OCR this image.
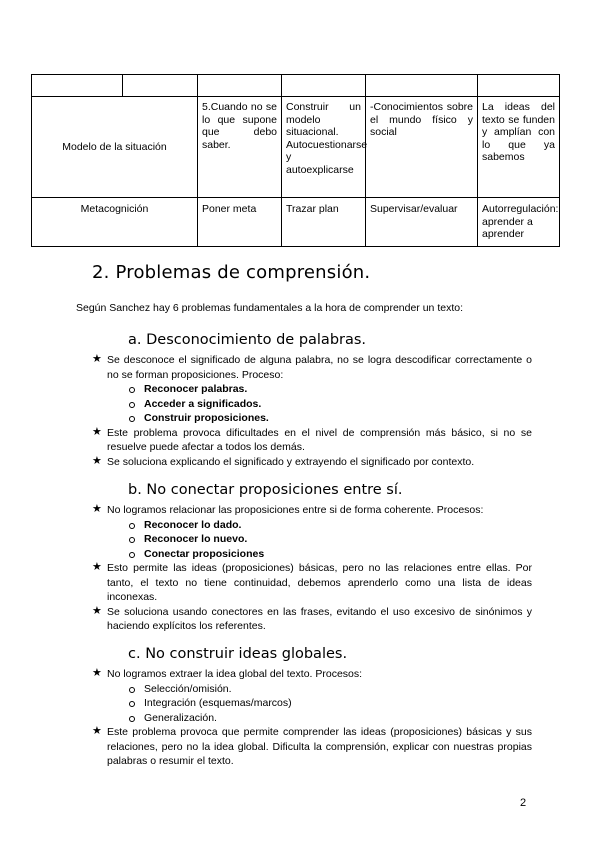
Modelo de la situación		5.Cuando no se lo que supone que debo saber.	Construir un modelo situacional. Autocuestionarse y autoexplicarse	-Conocimientos sobre el mundo físico y social	La ideas del texto se funden y amplían con lo que ya sabemos
Metacognición		Poner meta	Trazar plan	Supervisar/evaluar	Autorregulación: aprender a aprender
2. Problemas de comprensión.

Según Sanchez hay 6 problemas fundamentales a la hora de comprender un texto:

a. Desconocimiento de palabras.
★ Se desconoce el significado de alguna palabra, no se logra descodificar correctamente o no se forman proposiciones. Proceso:
Reconocer palabras.
Acceder a significados.
Construir proposiciones.
★ Este problema provoca dificultades en el nivel de comprensión más básico, si no se resuelve puede afectar a todos los demás.
★ Se soluciona explicando el significado y extrayendo el significado por contexto.
b. No conectar proposiciones entre sí.
★ No logramos relacionar las proposiciones entre si de forma coherente. Procesos:
Reconocer lo dado.
Reconocer lo nuevo.
Conectar proposiciones
★ Esto permite las ideas (proposiciones) básicas, pero no las relaciones entre ellas. Por tanto, el texto no tiene continuidad, debemos aprenderlo como una lista de ideas inconexas.
★ Se soluciona usando conectores en las frases, evitando el uso excesivo de sinónimos y haciendo explícitos los referentes.
c. No construir ideas globales.
★ No logramos extraer la idea global del texto. Procesos:
Selección/omisión.
Integración (esquemas/marcos)
Generalización.
★ Este problema provoca que permite comprender las ideas (proposiciones) básicas y sus relaciones, pero no la idea global. Dificulta la comprensión, explicar con nuestras propias palabras o resumir el texto.
2
